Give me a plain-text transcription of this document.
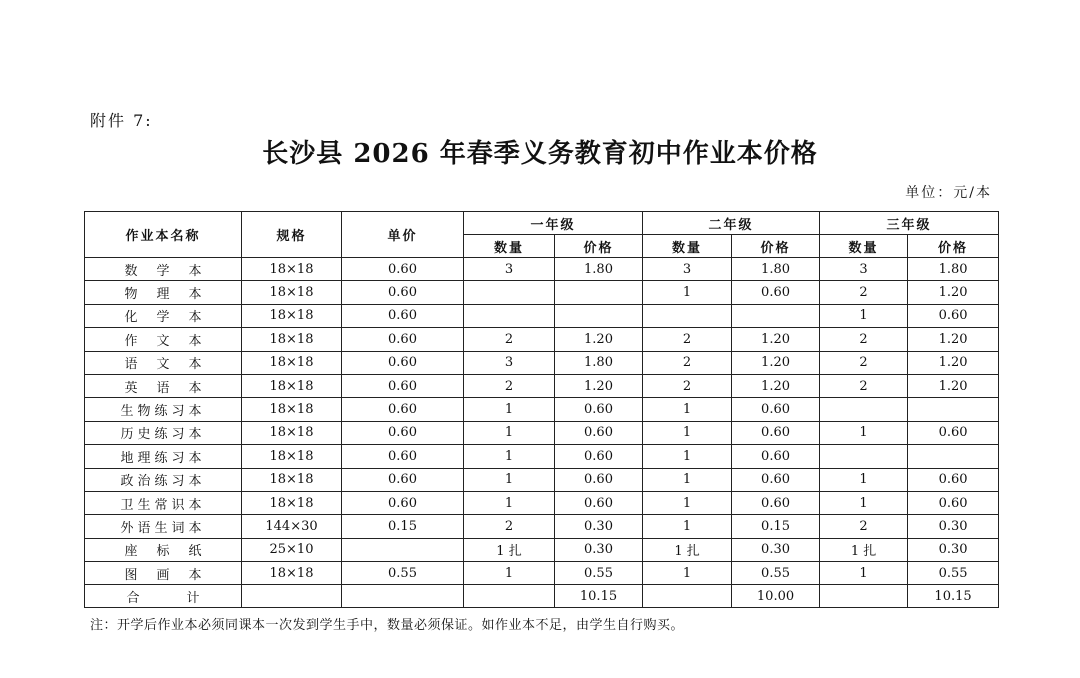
附件 7:
长沙县 2026 年春季义务教育初中作业本价格
单位：元/本
作业本名称	规格	单价	一年级		二年级		三年级	
			数量	价格	数量	价格	数量	价格
数 学 本	18×18	0.60	3	1.80	3	1.80	3	1.80
物 理 本	18×18	0.60			1	0.60	2	1.20
化 学 本	18×18	0.60					1	0.60
作 文 本	18×18	0.60	2	1.20	2	1.20	2	1.20
语 文 本	18×18	0.60	3	1.80	2	1.20	2	1.20
英 语 本	18×18	0.60	2	1.20	2	1.20	2	1.20
生物练习本	18×18	0.60	1	0.60	1	0.60		
历史练习本	18×18	0.60	1	0.60	1	0.60	1	0.60
地理练习本	18×18	0.60	1	0.60	1	0.60		
政治练习本	18×18	0.60	1	0.60	1	0.60	1	0.60
卫生常识本	18×18	0.60	1	0.60	1	0.60	1	0.60
外语生词本	144×30	0.15	2	0.30	1	0.15	2	0.30
座 标 纸	25×10		1 扎	0.30	1 扎	0.30	1 扎	0.30
图 画 本	18×18	0.55	1	0.55	1	0.55	1	0.55
合 计				10.15		10.00		10.15
注：开学后作业本必须同课本一次发到学生手中，数量必须保证。如作业本不足，由学生自行购买。
